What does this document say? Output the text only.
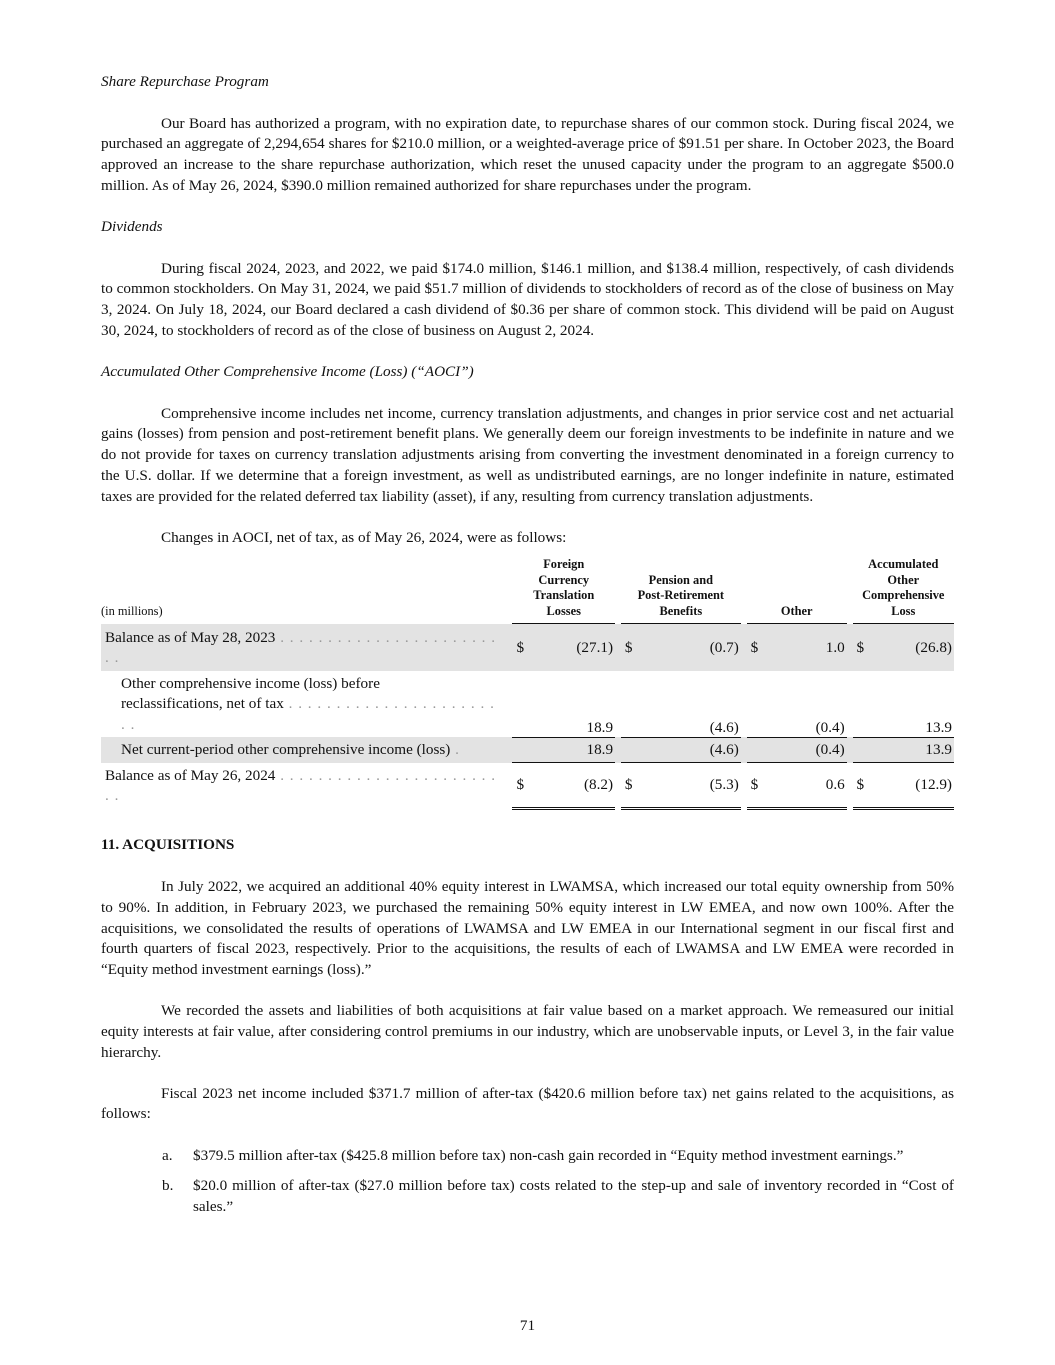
Share Repurchase Program

Our Board has authorized a program, with no expiration date, to repurchase shares of our common stock. During fiscal 2024, we purchased an aggregate of 2,294,654 shares for $210.0 million, or a weighted-average price of $91.51 per share. In October 2023, the Board approved an increase to the share repurchase authorization, which reset the unused capacity under the program to an aggregate $500.0 million. As of May 26, 2024, $390.0 million remained authorized for share repurchases under the program.

Dividends

During fiscal 2024, 2023, and 2022, we paid $174.0 million, $146.1 million, and $138.4 million, respectively, of cash dividends to common stockholders. On May 31, 2024, we paid $51.7 million of dividends to stockholders of record as of the close of business on May 3, 2024. On July 18, 2024, our Board declared a cash dividend of $0.36 per share of common stock. This dividend will be paid on August 30, 2024, to stockholders of record as of the close of business on August 2, 2024.

Accumulated Other Comprehensive Income (Loss) (“AOCI”)

Comprehensive income includes net income, currency translation adjustments, and changes in prior service cost and net actuarial gains (losses) from pension and post-retirement benefit plans. We generally deem our foreign investments to be indefinite in nature and we do not provide for taxes on currency translation adjustments arising from converting the investment denominated in a foreign currency to the U.S. dollar. If we determine that a foreign investment, as well as undistributed earnings, are no longer indefinite in nature, estimated taxes are provided for the related deferred tax liability (asset), if any, resulting from currency translation adjustments.

Changes in AOCI, net of tax, as of May 26, 2024, were as follows:

(in millions)		Foreign
Currency
Translation
Losses			Pension and
Post-Retirement
Benefits			Other			Accumulated
Other
Comprehensive
Loss	
Balance as of May 28, 2023 . . . . . . . . . . . . . . . . . . . . . . . . .		$	(27.1)		$	(0.7)		$	1.0		$	(26.8)
Other comprehensive income (loss) before
reclassifications, net of tax . . . . . . . . . . . . . . . . . . . . . . . .			18.9			(4.6)			(0.4)			13.9
Net current-period other comprehensive income (loss) .			18.9			(4.6)			(0.4)			13.9
Balance as of May 26, 2024 . . . . . . . . . . . . . . . . . . . . . . . . .		$	(8.2)		$	(5.3)		$	0.6		$	(12.9)

11. ACQUISITIONS

In July 2022, we acquired an additional 40% equity interest in LWAMSA, which increased our total equity ownership from 50% to 90%. In addition, in February 2023, we purchased the remaining 50% equity interest in LW EMEA, and now own 100%. After the acquisitions, we consolidated the results of operations of LWAMSA and LW EMEA in our International segment in our fiscal first and fourth quarters of fiscal 2023, respectively. Prior to the acquisitions, the results of each of LWAMSA and LW EMEA were recorded in “Equity method investment earnings (loss).”

We recorded the assets and liabilities of both acquisitions at fair value based on a market approach. We remeasured our initial equity interests at fair value, after considering control premiums in our industry, which are unobservable inputs, or Level 3, in the fair value hierarchy.

Fiscal 2023 net income included $371.7 million of after-tax ($420.6 million before tax) net gains related to the acquisitions, as follows:

a.	$379.5 million after-tax ($425.8 million before tax) non-cash gain recorded in “Equity method investment earnings.”

b.	$20.0 million of after-tax ($27.0 million before tax) costs related to the step-up and sale of inventory recorded in “Cost of sales.”

71
